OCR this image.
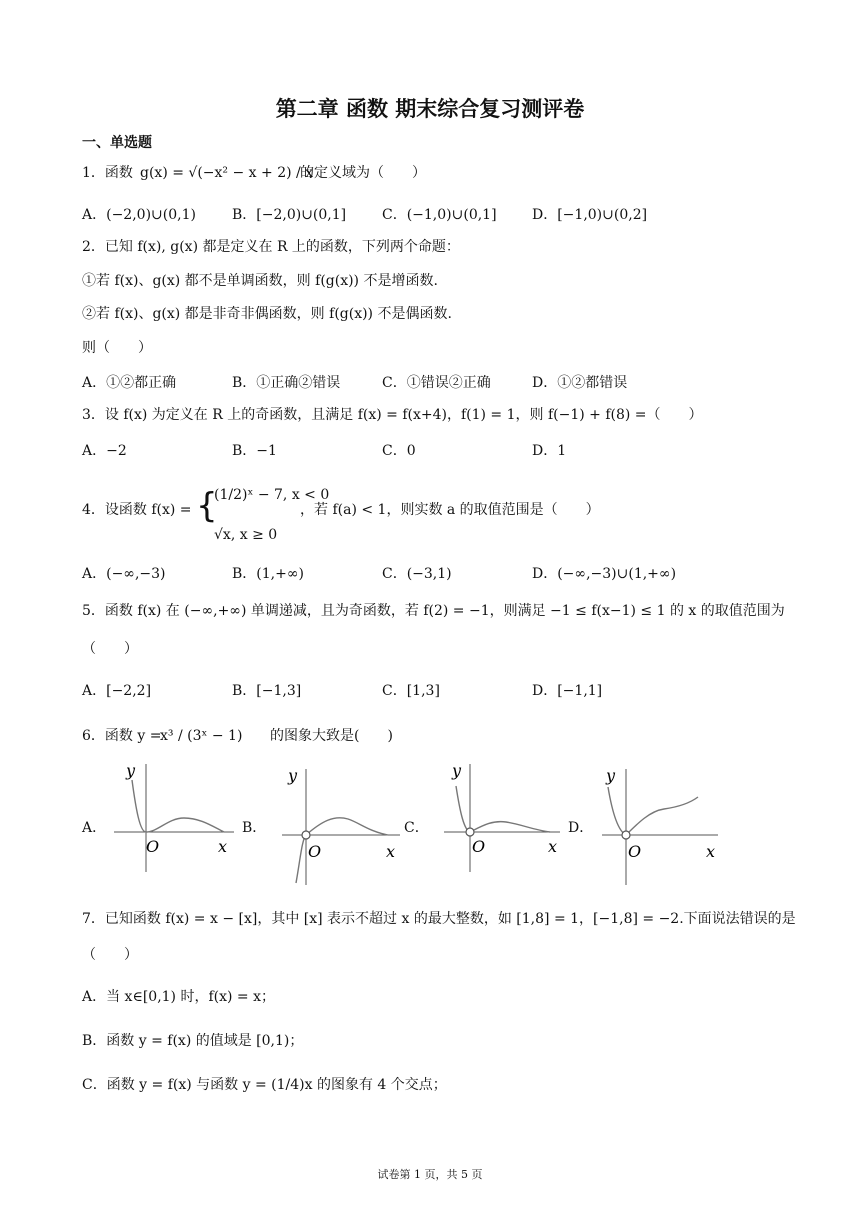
第二章 函数 期末综合复习测评卷
一、单选题
1．函数 g(x) = √(−x² − x + 2) / x
的定义域为（　　）
A．(−2,0)∪(0,1)	B．[−2,0)∪(0,1]	C．(−1,0)∪(0,1]	D．[−1,0)∪(0,2]
2．已知 f(x), g(x) 都是定义在 R 上的函数，下列两个命题：
①若 f(x)、g(x) 都不是单调函数，则 f(g(x)) 不是增函数.
②若 f(x)、g(x) 都是非奇非偶函数，则 f(g(x)) 不是偶函数.
则（　　）
A．①②都正确	B．①正确②错误	C．①错误②正确	D．①②都错误
3．设 f(x) 为定义在 R 上的奇函数，且满足 f(x) = f(x+4)，f(1) = 1，则 f(−1) + f(8) =（　　）
A．−2	B．−1	C．0	D．1
4．设函数 f(x) = {
(1/2)ˣ − 7, x < 0
√x, x ≥ 0
，若 f(a) < 1，则实数 a 的取值范围是（　　）
A．(−∞,−3)	B．(1,+∞)	C．(−3,1)	D．(−∞,−3)∪(1,+∞)
5．函数 f(x) 在 (−∞,+∞) 单调递减，且为奇函数，若 f(2) = −1，则满足 −1 ≤ f(x−1) ≤ 1 的 x 的取值范围为
（　　）
A．[−2,2]	B．[−1,3]	C．[1,3]	D．[−1,1]
6．函数 y =
x³ / (3ˣ − 1) 的图象大致是(　　)
A．	B．	C．	D．
y
x
O
y
x
O
y
x
O
y
x
O
7．已知函数 f(x) = x − [x]，其中 [x] 表示不超过 x 的最大整数，如 [1,8] = 1，[−1,8] = −2.下面说法错误的是
（　　）
A．当 x∈[0,1) 时，f(x) = x；
B．函数 y = f(x) 的值域是 [0,1)；
C．函数 y = f(x) 与函数 y = (1/4)x 的图象有 4 个交点；
试卷第 1 页，共 5 页
